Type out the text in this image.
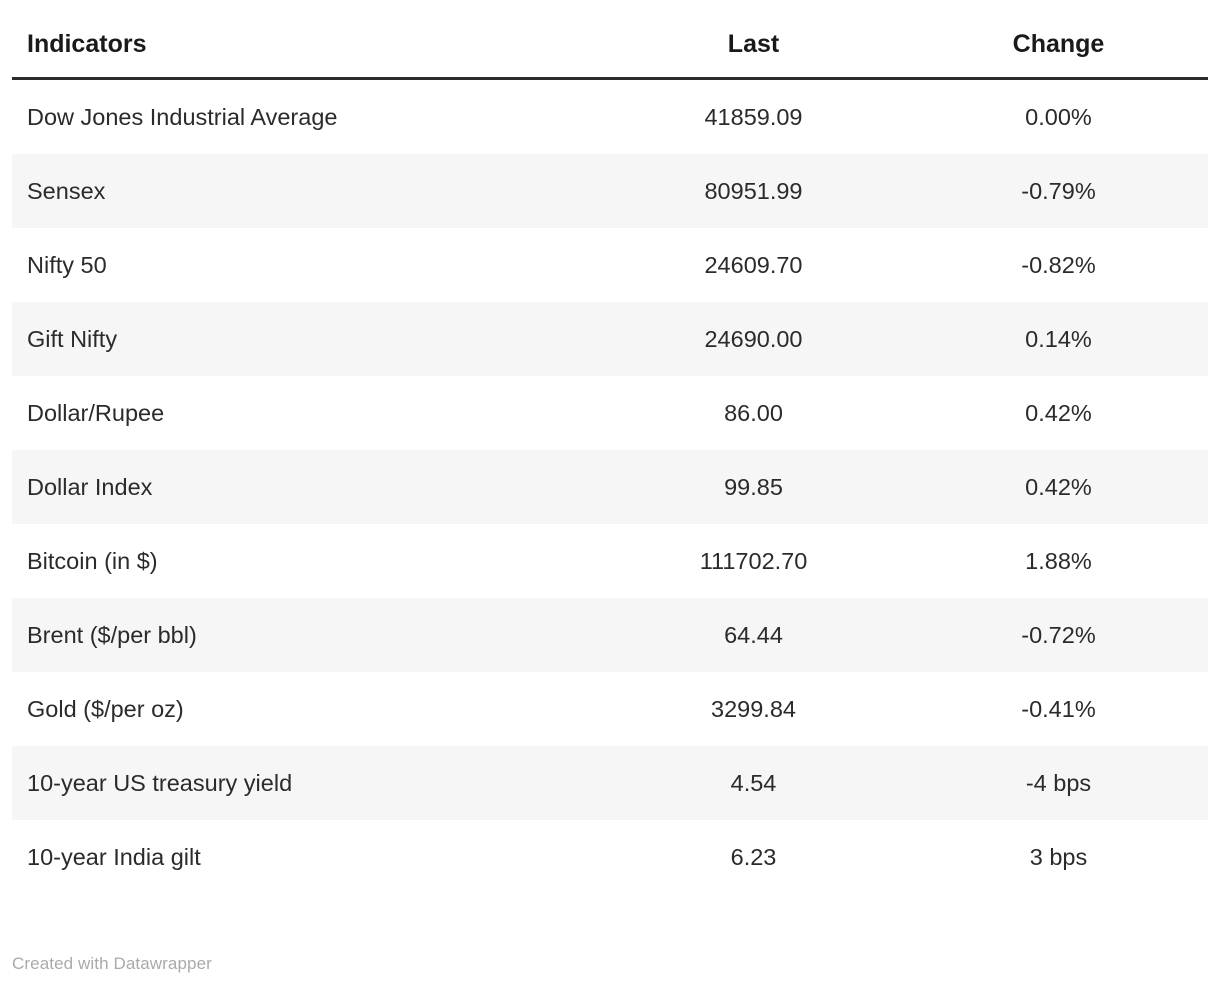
Indicators	Last	Change
Dow Jones Industrial Average	41859.09	0.00%
Sensex	80951.99	-0.79%
Nifty 50	24609.70	-0.82%
Gift Nifty	24690.00	0.14%
Dollar/Rupee	86.00	0.42%
Dollar Index	99.85	0.42%
Bitcoin (in $)	111702.70	1.88%
Brent ($/per bbl)	64.44	-0.72%
Gold ($/per oz)	3299.84	-0.41%
10-year US treasury yield	4.54	-4 bps
10-year India gilt	6.23	3 bps
Created with Datawrapper
